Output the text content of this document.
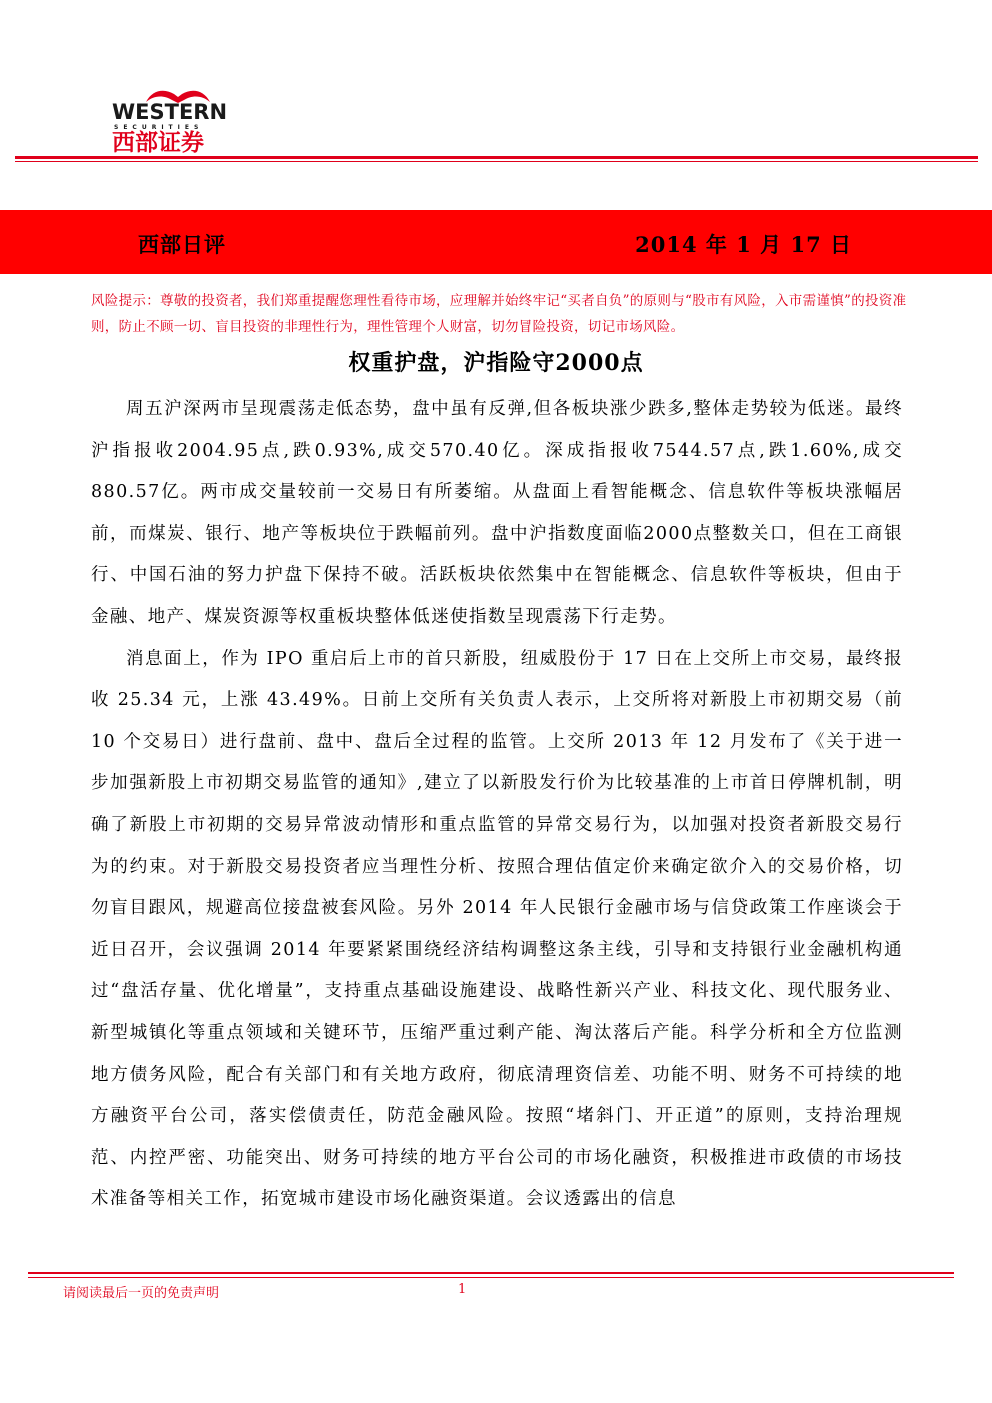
WESTERN
SECURITIES
西部证券
西部日评	2014 年 1 月 17 日
风险提示：尊敬的投资者，我们郑重提醒您理性看待市场，应理解并始终牢记“买者自负”的原则与“股市有风险，入市需谨慎”的投资准则，防止不顾一切、盲目投资的非理性行为，理性管理个人财富，切勿冒险投资，切记市场风险。
权重护盘，沪指险守2000点

周五沪深两市呈现震荡走低态势，盘中虽有反弹,但各板块涨少跌多,整体走势较为低迷。最终沪指报收2004.95点,跌0.93%,成交570.40亿。深成指报收7544.57点,跌1.60%,成交880.57亿。两市成交量较前一交易日有所萎缩。从盘面上看智能概念、信息软件等板块涨幅居前，而煤炭、银行、地产等板块位于跌幅前列。盘中沪指数度面临2000点整数关口，但在工商银行、中国石油的努力护盘下保持不破。活跃板块依然集中在智能概念、信息软件等板块，但由于金融、地产、煤炭资源等权重板块整体低迷使指数呈现震荡下行走势。

消息面上，作为 IPO 重启后上市的首只新股，纽威股份于 17 日在上交所上市交易，最终报收 25.34 元，上涨 43.49%。日前上交所有关负责人表示，上交所将对新股上市初期交易（前 10 个交易日）进行盘前、盘中、盘后全过程的监管。上交所 2013 年 12 月发布了《关于进一步加强新股上市初期交易监管的通知》,建立了以新股发行价为比较基准的上市首日停牌机制，明确了新股上市初期的交易异常波动情形和重点监管的异常交易行为，以加强对投资者新股交易行为的约束。对于新股交易投资者应当理性分析、按照合理估值定价来确定欲介入的交易价格，切勿盲目跟风，规避高位接盘被套风险。另外 2014 年人民银行金融市场与信贷政策工作座谈会于近日召开，会议强调 2014 年要紧紧围绕经济结构调整这条主线，引导和支持银行业金融机构通过“盘活存量、优化增量”，支持重点基础设施建设、战略性新兴产业、科技文化、现代服务业、新型城镇化等重点领域和关键环节，压缩严重过剩产能、淘汰落后产能。科学分析和全方位监测地方债务风险，配合有关部门和有关地方政府，彻底清理资信差、功能不明、财务不可持续的地方融资平台公司，落实偿债责任，防范金融风险。按照“堵斜门、开正道”的原则，支持治理规范、内控严密、功能突出、财务可持续的地方平台公司的市场化融资，积极推进市政债的市场技术准备等相关工作，拓宽城市建设市场化融资渠道。会议透露出的信息

请阅读最后一页的免责声明	1
